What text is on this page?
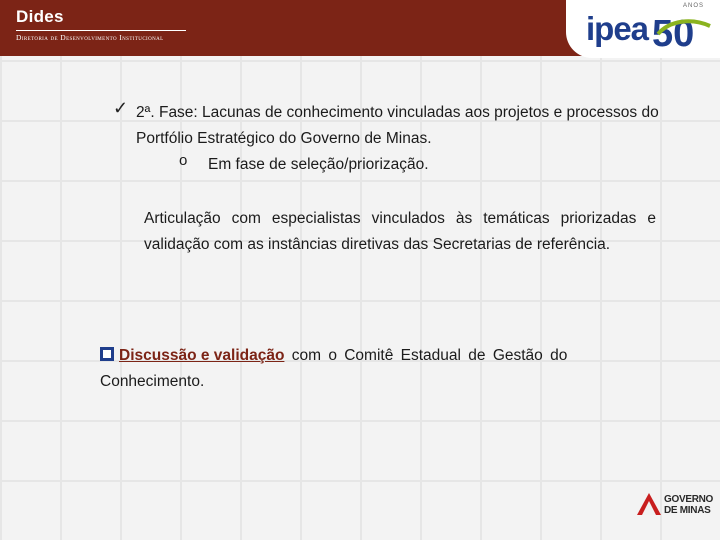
Dides
Diretoria de Desenvolvimento Institucional	ipea
ANOS
50
✓ 2ª. Fase: Lacunas de conhecimento vinculadas aos projetos e processos do Portfólio Estratégico do Governo de Minas.
o Em fase de seleção/priorização.
Articulação com especialistas vinculados às temáticas priorizadas e validação com as instâncias diretivas das Secretarias de referência.
Discussão e validação com o Comitê Estadual de Gestão do
Conhecimento.
GOVERNO
DE MINAS
